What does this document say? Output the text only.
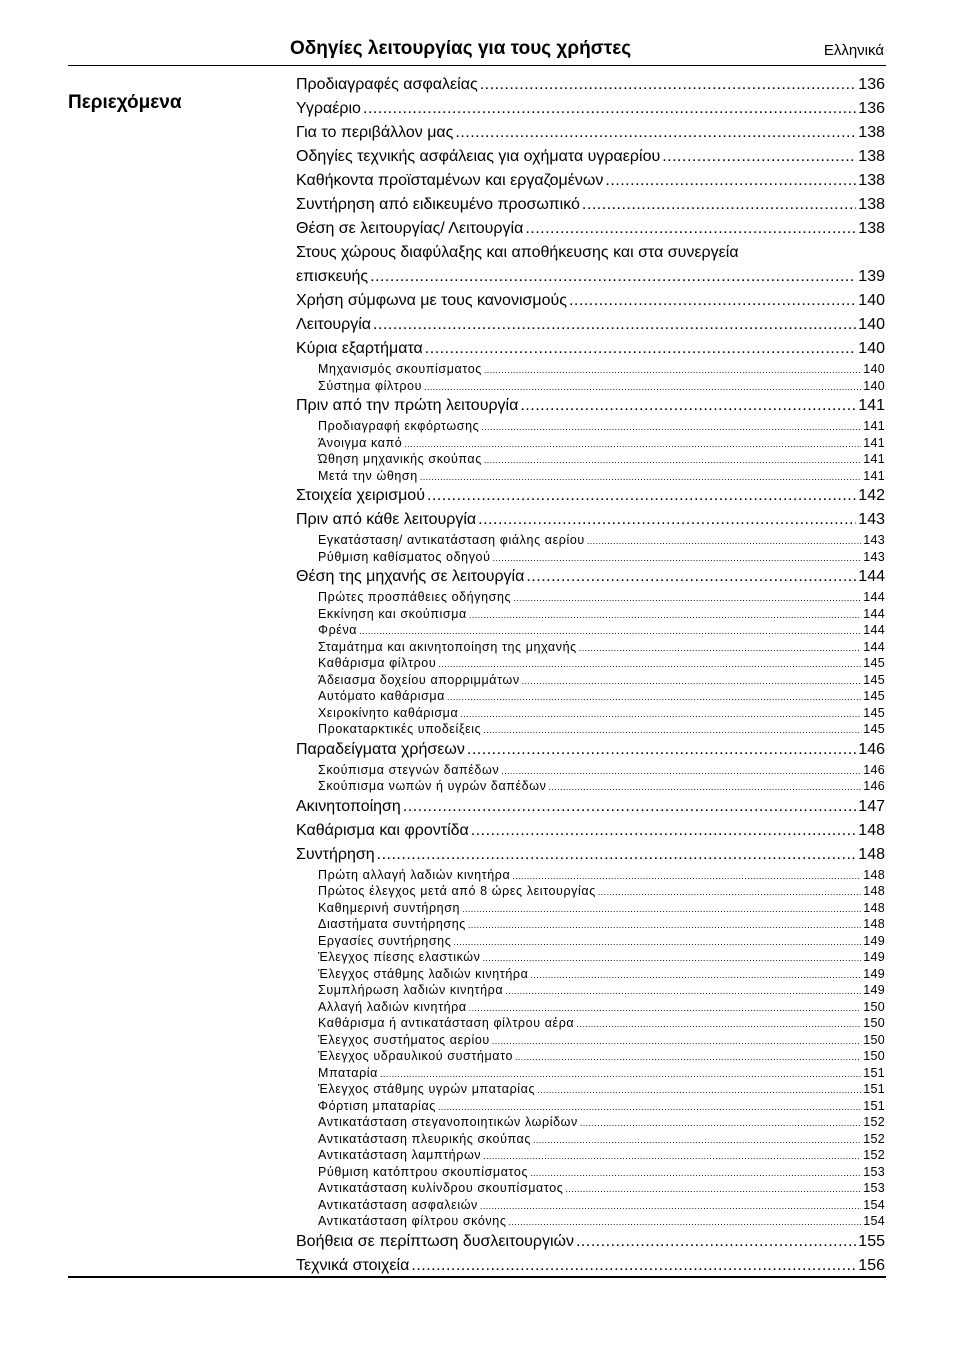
Οδηγίες λειτουργίας για τους χρήστες	Ελληνικά
Περιεχόμενα
Προδιαγραφές ασφαλείας .....	136
Υγραέριο .....	136
Για το περιβάλλον μας .....	138
Οδηγίες τεχνικής ασφάλειας για οχήματα υγραερίου .....	138
Καθήκοντα προϊσταμένων και εργαζομένων .....	138
Συντήρηση από ειδικευμένο προσωπικό .....	138
Θέση σε λειτουργίας/ Λειτουργία .....	138
Στους χώρους διαφύλαξης και αποθήκευσης και στα συνεργεία
επισκευής .....	139
Χρήση σύμφωνα με τους κανονισμούς .....	140
Λειτουργία .....	140
Κύρια εξαρτήματα .....	140
Μηχανισμός σκουπίσματος .....	140
Σύστημα φίλτρου .....	140
Πριν από την πρώτη λειτουργία .....	141
Προδιαγραφή εκφόρτωσης .....	141
Άνοιγμα καπό .....	141
Ώθηση μηχανικής σκούπας .....	141
Μετά την ώθηση .....	141
Στοιχεία χειρισμού .....	142
Πριν από κάθε λειτουργία .....	143
Εγκατάσταση/ αντικατάσταση φιάλης αερίου .....	143
Ρύθμιση καθίσματος οδηγού .....	143
Θέση της μηχανής σε λειτουργία .....	144
Πρώτες προσπάθειες οδήγησης .....	144
Εκκίνηση και σκούπισμα .....	144
Φρένα .....	144
Σταμάτημα και ακινητοποίηση της μηχανής .....	144
Καθάρισμα φίλτρου .....	145
Άδειασμα δοχείου απορριμμάτων .....	145
Αυτόματο καθάρισμα .....	145
Χειροκίνητο καθάρισμα .....	145
Προκαταρκτικές υποδείξεις .....	145
Παραδείγματα χρήσεων .....	146
Σκούπισμα στεγνών δαπέδων .....	146
Σκούπισμα νωπών ή υγρών δαπέδων .....	146
Ακινητοποίηση .....	147
Καθάρισμα και φροντίδα .....	148
Συντήρηση .....	148
Πρώτη αλλαγή λαδιών κινητήρα .....	148
Πρώτος έλεγχος μετά από 8 ώρες λειτουργίας .....	148
Καθημερινή συντήρηση .....	148
Διαστήματα συντήρησης .....	148
Εργασίες συντήρησης .....	149
Έλεγχος πίεσης ελαστικών .....	149
Έλεγχος στάθμης λαδιών κινητήρα .....	149
Συμπλήρωση λαδιών κινητήρα .....	149
Αλλαγή λαδιών κινητήρα .....	150
Καθάρισμα ή αντικατάσταση φίλτρου αέρα .....	150
Έλεγχος συστήματος αερίου .....	150
Έλεγχος υδραυλικού συστήματο .....	150
Μπαταρία .....	151
Έλεγχος στάθμης υγρών μπαταρίας .....	151
Φόρτιση μπαταρίας .....	151
Αντικατάσταση στεγανοποιητικών λωρίδων .....	152
Αντικατάσταση πλευρικής σκούπας .....	152
Αντικατάσταση λαμπτήρων .....	152
Ρύθμιση κατόπτρου σκουπίσματος .....	153
Αντικατάσταση κυλίνδρου σκουπίσματος .....	153
Αντικατάσταση ασφαλειών .....	154
Αντικατάσταση φίλτρου σκόνης .....	154
Βοήθεια σε περίπτωση δυσλειτουργιών .....	155
Τεχνικά στοιχεία .....	156
